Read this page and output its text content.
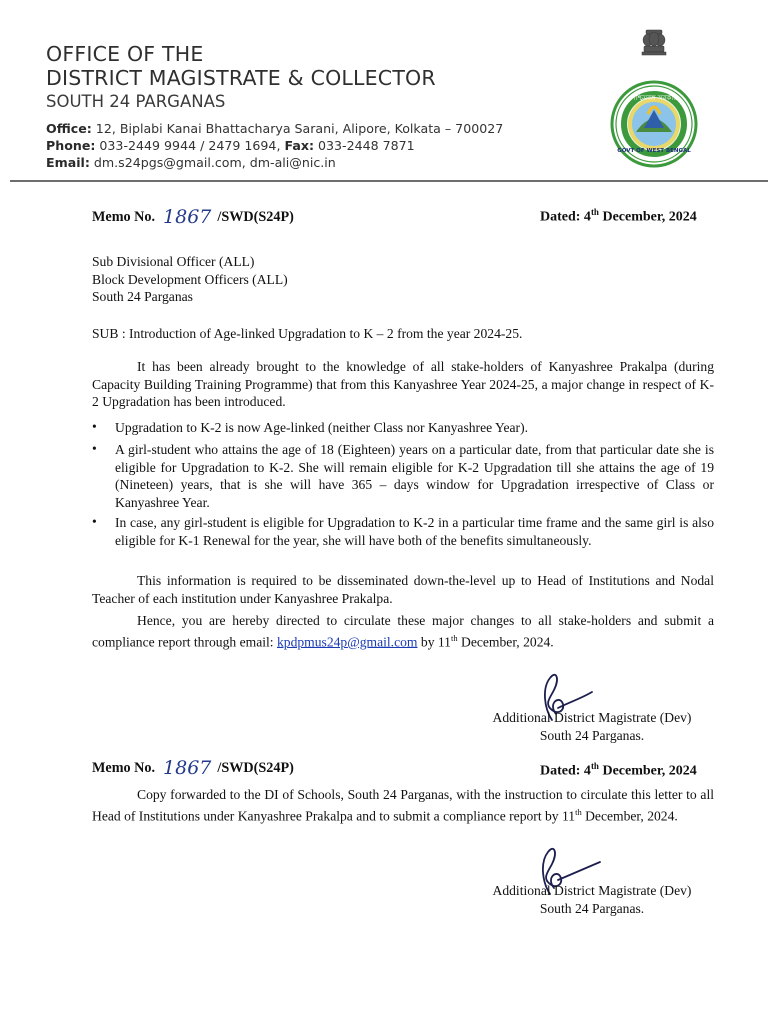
OFFICE OF THE
DISTRICT MAGISTRATE & COLLECTOR
SOUTH 24 PARGANAS
Office: 12, Biplabi Kanai Bhattacharya Sarani, Alipore, Kolkata – 700027
Phone: 033-2449 9944 / 2479 1694, Fax: 033-2448 7871
Email: dm.s24pgs@gmail.com, dm-ali@nic.in
পশ্চিমবঙ্গ সরকার
GOVT OF WEST BENGAL
Memo No. 1867 /SWD(S24P)	Dated: 4th December, 2024
Sub Divisional Officer (ALL)
Block Development Officers (ALL)
South 24 Parganas
SUB : Introduction of Age-linked Upgradation to K – 2 from the year 2024-25.
It has been already brought to the knowledge of all stake-holders of Kanyashree Prakalpa (during Capacity Building Training Programme) that from this Kanyashree Year 2024-25, a major change in respect of K-2 Upgradation has been introduced.
• Upgradation to K-2 is now Age-linked (neither Class nor Kanyashree Year).
• A girl-student who attains the age of 18 (Eighteen) years on a particular date, from that particular date she is eligible for Upgradation to K-2. She will remain eligible for K-2 Upgradation till she attains the age of 19 (Nineteen) years, that is she will have 365 – days window for Upgradation irrespective of Class or Kanyashree Year.
• In case, any girl-student is eligible for Upgradation to K-2 in a particular time frame and the same girl is also eligible for K-1 Renewal for the year, she will have both of the benefits simultaneously.
This information is required to be disseminated down-the-level up to Head of Institutions and Nodal Teacher of each institution under Kanyashree Prakalpa.
Hence, you are hereby directed to circulate these major changes to all stake-holders and submit a compliance report through email: kpdpmus24p@gmail.com by 11th December, 2024.
Additional District Magistrate (Dev)
South 24 Parganas.
Memo No. 1867 /SWD(S24P)	Dated: 4th December, 2024
Copy forwarded to the DI of Schools, South 24 Parganas, with the instruction to circulate this letter to all Head of Institutions under Kanyashree Prakalpa and to submit a compliance report by 11th December, 2024.
Additional District Magistrate (Dev)
South 24 Parganas.
